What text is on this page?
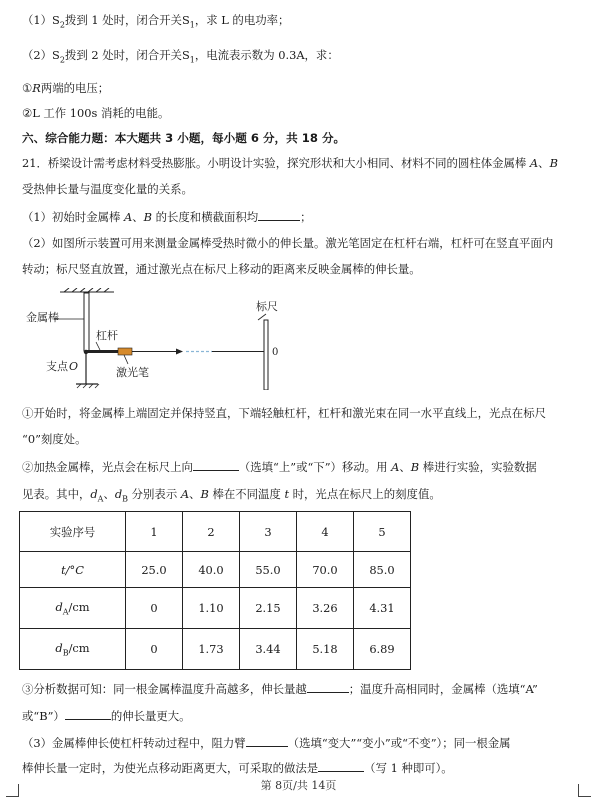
$(1)S_2$拨到 1 处时，闭合开关$S_1$，求 L 的电功率；
$(2)S_2$拨到 2 处时，闭合开关$S_1$，电流表示数为 0.3A，求：
①R两端的电压；
②L 工作 100s 消耗的电能。
六、综合能力题：本大题共 3 小题，每小题 6 分，共 18 分。
21．桥梁设计需考虑材料受热膨胀。小明设计实验，探究形状和大小相同、材料不同的圆柱体金属棒 A、B
受热伸长量与温度变化量的关系。
（1）初始时金属棒 A、B 的长度和横截面积均	；
（2）如图所示装置可用来测量金属棒受热时微小的伸长量。激光笔固定在杠杆右端，杠杆可在竖直平面内
转动；标尺竖直放置，通过激光点在标尺上移动的距离来反映金属棒的伸长量。
金属棒
杠杆
支点 O	激光笔
标尺
0
①开始时，将金属棒上端固定并保持竖直，下端轻触杠杆，杠杆和激光束在同一水平直线上，光点在标尺
“0”刻度处。
②加热金属棒，光点会在标尺上向	（选填“上”或“下”）移动。用 A、B 棒进行实验，实验数据
见表。其中，$d_A$、$d_B$ 分别表示 A、B 棒在不同温度 t 时，光点在标尺上的刻度值。
实验序号	1	2	3	4	5
t/°C	25.0	40.0	55.0	70.0	85.0
$d_A/cm$	0	1.10	2.15	3.26	4.31
$d_B/cm$	0	1.73	3.44	5.18	6.89
③分析数据可知：同一根金属棒温度升高越多，伸长量越	；温度升高相同时，金属棒（选填“A”
或“B”）	的伸长量更大。
（3）金属棒伸长使杠杆转动过程中，阻力臂	（选填“变大”“变小”或“不变”）；同一根金属
棒伸长量一定时，为使光点移动距离更大，可采取的做法是	（写 1 种即可）。
第 8页/共 14页
